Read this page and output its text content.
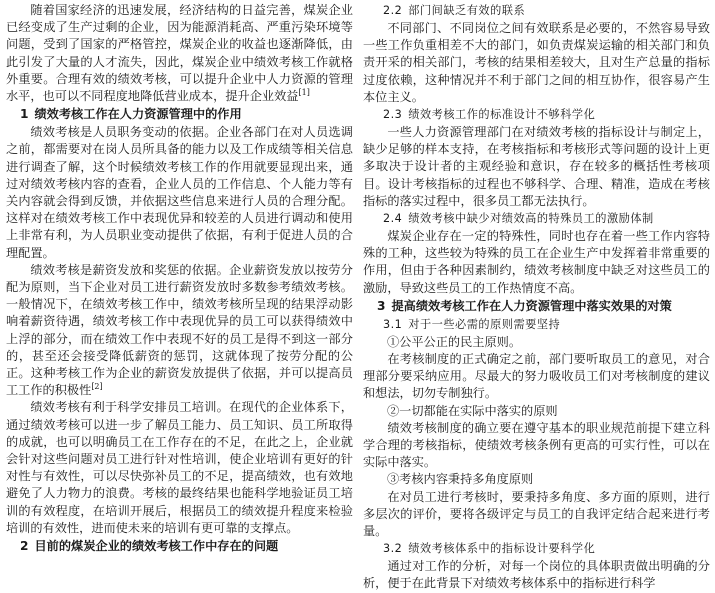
随着国家经济的迅速发展，经济结构的日益完善，煤炭企业已经变成了生产过剩的企业，因为能源消耗高、严重污染环境等问题，受到了国家的严格管控，煤炭企业的收益也逐渐降低，由此引发了大量的人才流失，因此，煤炭企业中绩效考核工作就格外重要。合理有效的绩效考核，可以提升企业中人力资源的管理水平，也可以不同程度地降低营业成本，提升企业效益[1]

1 绩效考核工作在人力资源管理中的作用

绩效考核是人员职务变动的依据。企业各部门在对人员选调之前，都需要对在岗人员所具备的能力以及工作成绩等相关信息进行调查了解，这个时候绩效考核工作的作用就要显现出来，通过对绩效考核内容的查看，企业人员的工作信息、个人能力等有关内容就会得到反馈，并依据这些信息来进行人员的合理分配。这样对在绩效考核工作中表现优异和较差的人员进行调动和使用上非常有利，为人员职业变动提供了依据，有利于促进人员的合理配置。

绩效考核是薪资发放和奖惩的依据。企业薪资发放以按劳分配为原则，当下企业对员工进行薪资发放时多数参考绩效考核。一般情况下，在绩效考核工作中，绩效考核所呈现的结果浮动影响着薪资待遇，绩效考核工作中表现优异的员工可以获得绩效中上浮的部分，而在绩效工作中表现不好的员工是得不到这一部分的，甚至还会接受降低薪资的惩罚，这就体现了按劳分配的公正。这种考核工作为企业的薪资发放提供了依据，并可以提高员工工作的积极性[2]

绩效考核有利于科学安排员工培训。在现代的企业体系下，通过绩效考核可以进一步了解员工能力、员工知识、员工所取得的成就，也可以明确员工在工作存在的不足，在此之上，企业就会针对这些问题对员工进行针对性培训，使企业培训有更好的针对性与有效性，可以尽快弥补员工的不足，提高绩效，也有效地避免了人力物力的浪费。考核的最终结果也能科学地验证员工培训的有效程度，在培训开展后，根据员工的绩效提升程度来检验培训的有效性，进而使未来的培训有更可靠的支撑点。

2 目前的煤炭企业的绩效考核工作中存在的问题
2.2 部门间缺乏有效的联系

不同部门、不同岗位之间有效联系是必要的，不然容易导致一些工作负重相差不大的部门，如负责煤炭运输的相关部门和负责开采的相关部门，考核的结果相差较大，且对生产总量的指标过度依赖，这种情况并不利于部门之间的相互协作，很容易产生本位主义。

2.3 绩效考核工作的标准设计不够科学化

一些人力资源管理部门在对绩效考核的指标设计与制定上，缺少足够的样本支持，在考核指标和考核形式等问题的设计上更多取决于设计者的主观经验和意识，存在较多的概括性考核项目。设计考核指标的过程也不够科学、合理、精准，造成在考核指标的落实过程中，很多员工都无法执行。

2.4 绩效考核中缺少对绩效高的特殊员工的激励体制

煤炭企业存在一定的特殊性，同时也存在着一些工作内容特殊的工种，这些较为特殊的员工在企业生产中发挥着非常重要的作用，但由于各种因素制约，绩效考核制度中缺乏对这些员工的激励，导致这些员工的工作热情度不高。

3 提高绩效考核工作在人力资源管理中落实效果的对策
3.1 对于一些必需的原则需要坚持

①公平公正的民主原则。

在考核制度的正式确定之前，部门要听取员工的意见，对合理部分要采纳应用。尽最大的努力吸收员工们对考核制度的建议和想法，切勿专制独行。

②一切都能在实际中落实的原则

绩效考核制度的确立要在遵守基本的职业规范前提下建立科学合理的考核指标，使绩效考核条例有更高的可实行性，可以在实际中落实。

③考核内容秉持多角度原则

在对员工进行考核时，要秉持多角度、多方面的原则，进行多层次的评价，要将各级评定与员工的自我评定结合起来进行考量。

3.2 绩效考核体系中的指标设计要科学化

通过对工作的分析，对每一个岗位的具体职责做出明确的分析，便于在此背景下对绩效考核体系中的指标进行科学
